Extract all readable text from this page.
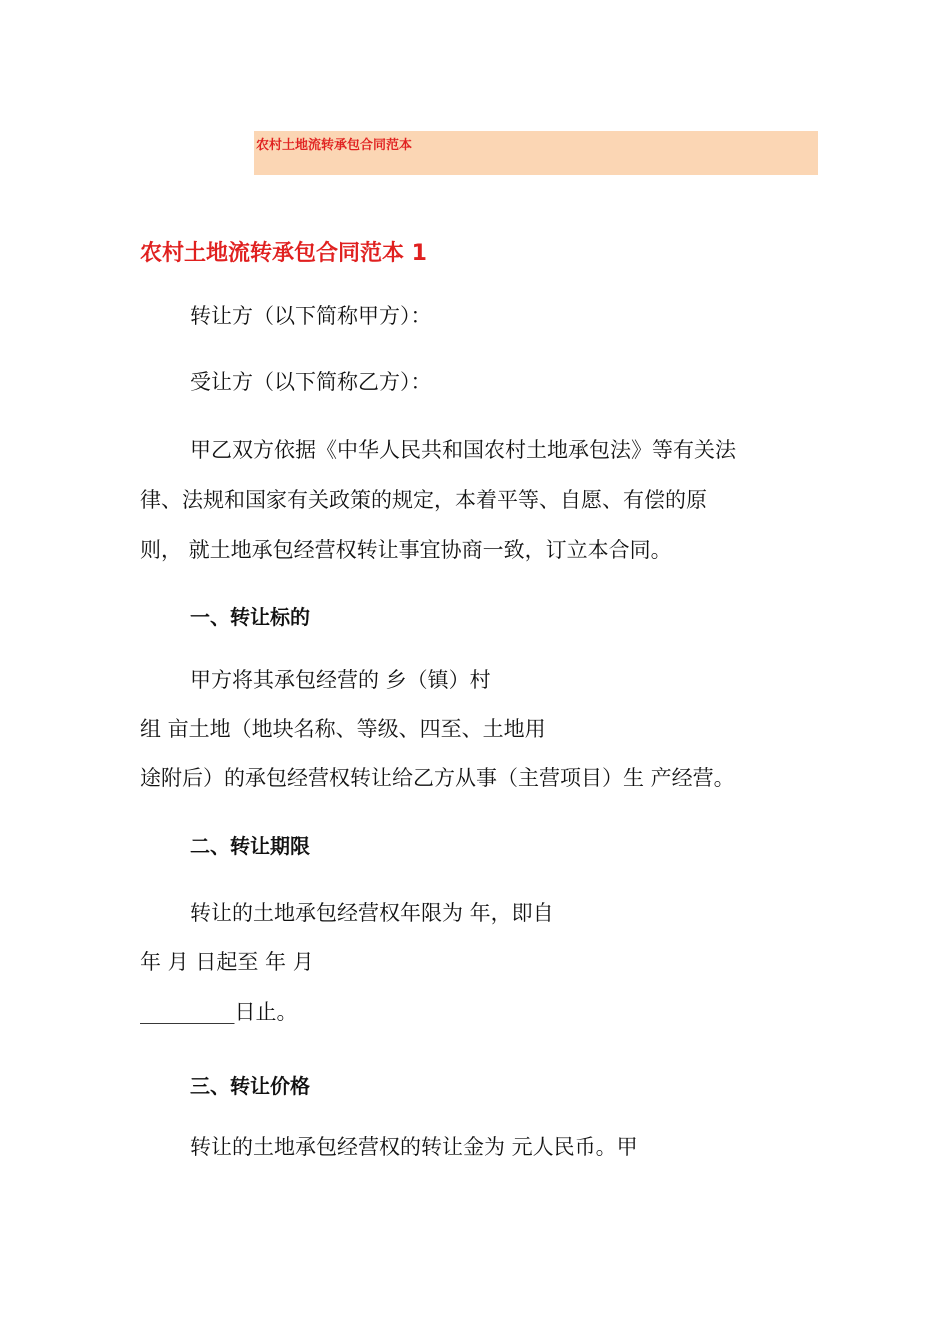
农村土地流转承包合同范本
农村土地流转承包合同范本 1
转让方（以下简称甲方）：
受让方（以下简称乙方）：
甲乙双方依据《中华人民共和国农村土地承包法》等有关法
律、法规和国家有关政策的规定，本着平等、自愿、有偿的原
则， 就土地承包经营权转让事宜协商一致，订立本合同。
一、转让标的
甲方将其承包经营的 乡（镇）村
组 亩土地（地块名称、等级、四至、土地用
途附后）的承包经营权转让给乙方从事（主营项目）生 产经营。
二、转让期限
转让的土地承包经营权年限为 年，即自
年 月 日起至 年 月
_________日止。
三、转让价格
转让的土地承包经营权的转让金为 元人民币。甲
